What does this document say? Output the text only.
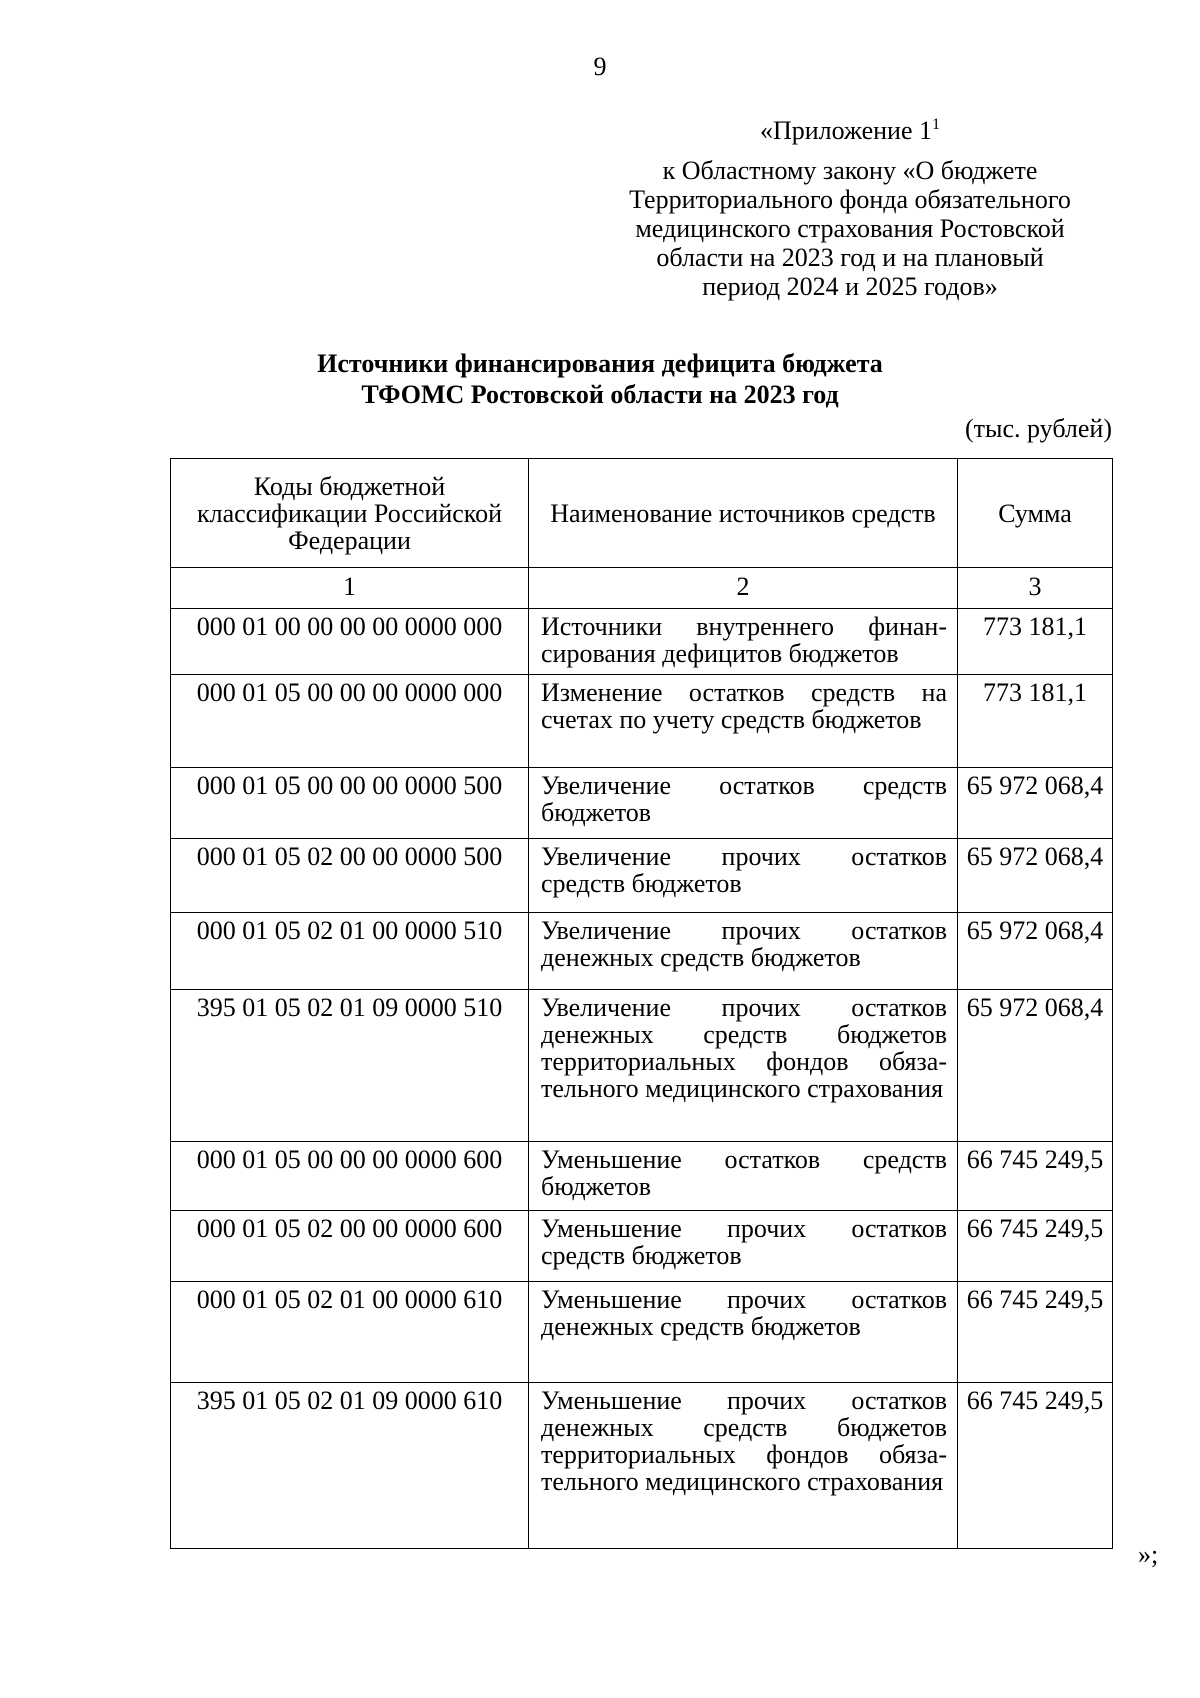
9
«Приложение $1^1$
к Областному закону «О бюджете
Территориального фонда обязательного
медицинского страхования Ростовской
области на 2023 год и на плановый
период 2024 и 2025 годов»
Источники финансирования дефицита бюджета
ТФОМС Ростовской области на 2023 год
(тыс. рублей)
Коды бюджетной классификации Российской Федерации	Наименование источников средств	Сумма
1	2	3
000 01 00 00 00 00 0000 000	Источники внутреннего финансирования дефицитов бюджетов	773 181,1
000 01 05 00 00 00 0000 000	Изменение остатков средств на счетах по учету средств бюджетов	773 181,1
000 01 05 00 00 00 0000 500	Увеличение остатков средств бюджетов	65 972 068,4
000 01 05 02 00 00 0000 500	Увеличение прочих остатков средств бюджетов	65 972 068,4
000 01 05 02 01 00 0000 510	Увеличение прочих остатков денежных средств бюджетов	65 972 068,4
395 01 05 02 01 09 0000 510	Увеличение прочих остатков денежных средств бюджетов территориальных фондов обязательного медицинского страхования	65 972 068,4
000 01 05 00 00 00 0000 600	Уменьшение остатков средств бюджетов	66 745 249,5
000 01 05 02 00 00 0000 600	Уменьшение прочих остатков средств бюджетов	66 745 249,5
000 01 05 02 01 00 0000 610	Уменьшение прочих остатков денежных средств бюджетов	66 745 249,5
395 01 05 02 01 09 0000 610	Уменьшение прочих остатков денежных средств бюджетов территориальных фондов обязательного медицинского страхования	66 745 249,5
»;
